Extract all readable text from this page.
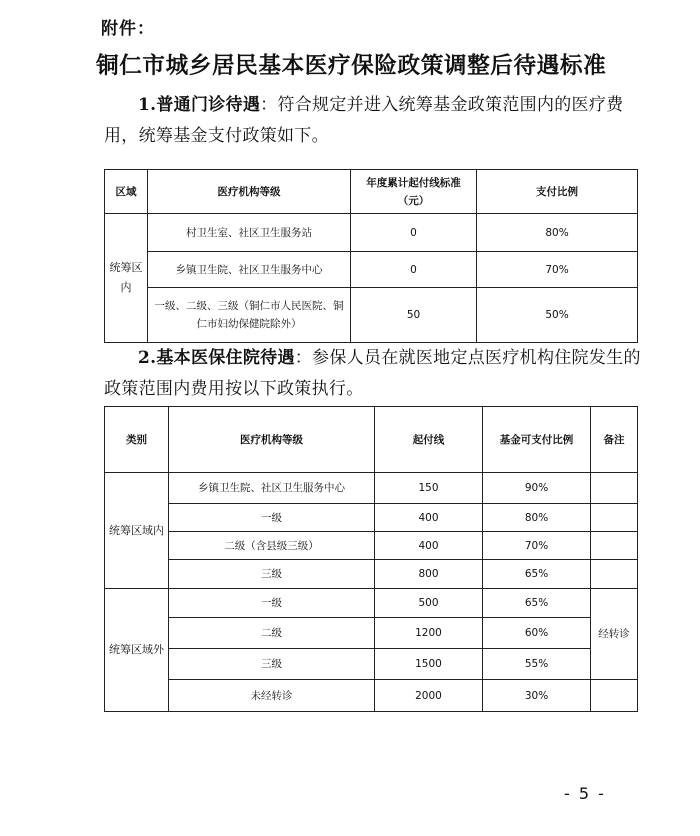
附件：
铜仁市城乡居民基本医疗保险政策调整后待遇标准
1.普通门诊待遇：符合规定并进入统筹基金政策范围内的医疗费用，统筹基金支付政策如下。
区域	医疗机构等级	年度累计起付线标准（元）	支付比例
统筹区内	村卫生室、社区卫生服务站	0	80%
	乡镇卫生院、社区卫生服务中心	0	70%
	一级、二级、三级（铜仁市人民医院、铜仁市妇幼保健院除外）	50	50%
2.基本医保住院待遇：参保人员在就医地定点医疗机构住院发生的政策范围内费用按以下政策执行。
类别	医疗机构等级	起付线	基金可支付比例	备注
统筹区域内	乡镇卫生院、社区卫生服务中心	150	90%	
	一级	400	80%	
	二级（含县级三级）	400	70%	
	三级	800	65%	
统筹区域外	一级	500	65%	经转诊
	二级	1200	60%	
	三级	1500	55%	
	未经转诊	2000	30%	
- 5 -
